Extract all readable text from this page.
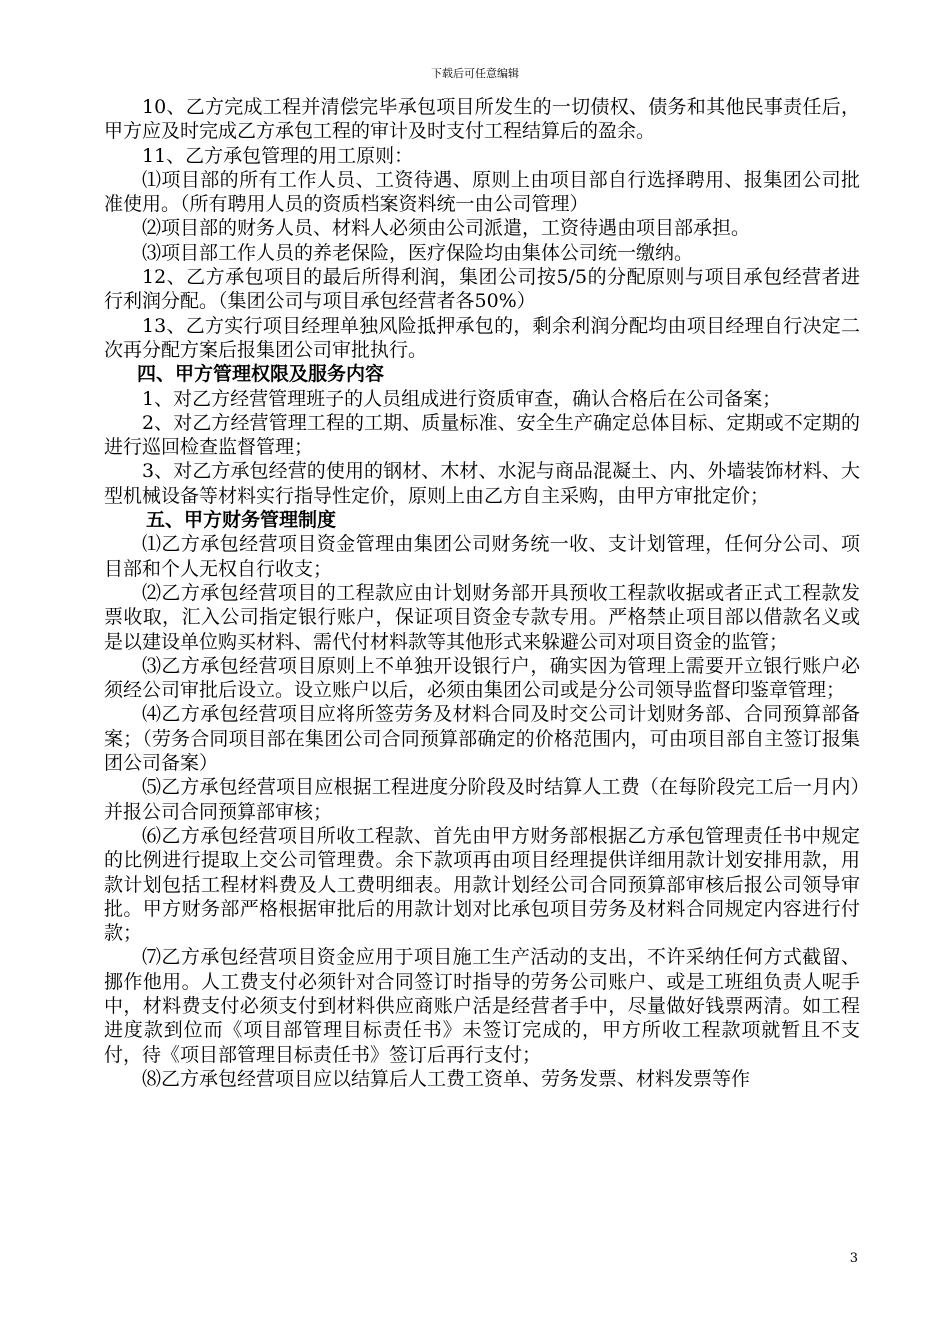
下载后可任意编辑

10、乙方完成工程并清偿完毕承包项目所发生的一切债权、债务和其他民事责任后，甲方应及时完成乙方承包工程的审计及时支付工程结算后的盈余。

11、乙方承包管理的用工原则：

⑴项目部的所有工作人员、工资待遇、原则上由项目部自行选择聘用、报集团公司批准使用。（所有聘用人员的资质档案资料统一由公司管理）

⑵项目部的财务人员、材料人必须由公司派遣，工资待遇由项目部承担。

⑶项目部工作人员的养老保险，医疗保险均由集体公司统一缴纳。

12、乙方承包项目的最后所得利润，集团公司按5/5的分配原则与项目承包经营者进行利润分配。（集团公司与项目承包经营者各50%）

13、乙方实行项目经理单独风险抵押承包的，剩余利润分配均由项目经理自行决定二次再分配方案后报集团公司审批执行。

四、甲方管理权限及服务内容

1、对乙方经营管理班子的人员组成进行资质审查，确认合格后在公司备案；

2、对乙方经营管理工程的工期、质量标准、安全生产确定总体目标、定期或不定期的进行巡回检查监督管理；

3、对乙方承包经营的使用的钢材、木材、水泥与商品混凝土、内、外墙装饰材料、大型机械设备等材料实行指导性定价，原则上由乙方自主采购，由甲方审批定价；

五、甲方财务管理制度

⑴乙方承包经营项目资金管理由集团公司财务统一收、支计划管理，任何分公司、项目部和个人无权自行收支；

⑵乙方承包经营项目的工程款应由计划财务部开具预收工程款收据或者正式工程款发票收取，汇入公司指定银行账户，保证项目资金专款专用。严格禁止项目部以借款名义或是以建设单位购买材料、需代付材料款等其他形式来躲避公司对项目资金的监管；

⑶乙方承包经营项目原则上不单独开设银行户，确实因为管理上需要开立银行账户必须经公司审批后设立。设立账户以后，必须由集团公司或是分公司领导监督印鉴章管理；

⑷乙方承包经营项目应将所签劳务及材料合同及时交公司计划财务部、合同预算部备案；（劳务合同项目部在集团公司合同预算部确定的价格范围内，可由项目部自主签订报集团公司备案）

⑸乙方承包经营项目应根据工程进度分阶段及时结算人工费（在每阶段完工后一月内）并报公司合同预算部审核；

⑹乙方承包经营项目所收工程款、首先由甲方财务部根据乙方承包管理责任书中规定的比例进行提取上交公司管理费。余下款项再由项目经理提供详细用款计划安排用款，用款计划包括工程材料费及人工费明细表。用款计划经公司合同预算部审核后报公司领导审批。甲方财务部严格根据审批后的用款计划对比承包项目劳务及材料合同规定内容进行付款；

⑺乙方承包经营项目资金应用于项目施工生产活动的支出，不许采纳任何方式截留、挪作他用。人工费支付必须针对合同签订时指导的劳务公司账户、或是工班组负责人呢手中，材料费支付必须支付到材料供应商账户活是经营者手中，尽量做好钱票两清。如工程进度款到位而《项目部管理目标责任书》未签订完成的，甲方所收工程款项就暂且不支付，待《项目部管理目标责任书》签订后再行支付；

⑻乙方承包经营项目应以结算后人工费工资单、劳务发票、材料发票等作

3
